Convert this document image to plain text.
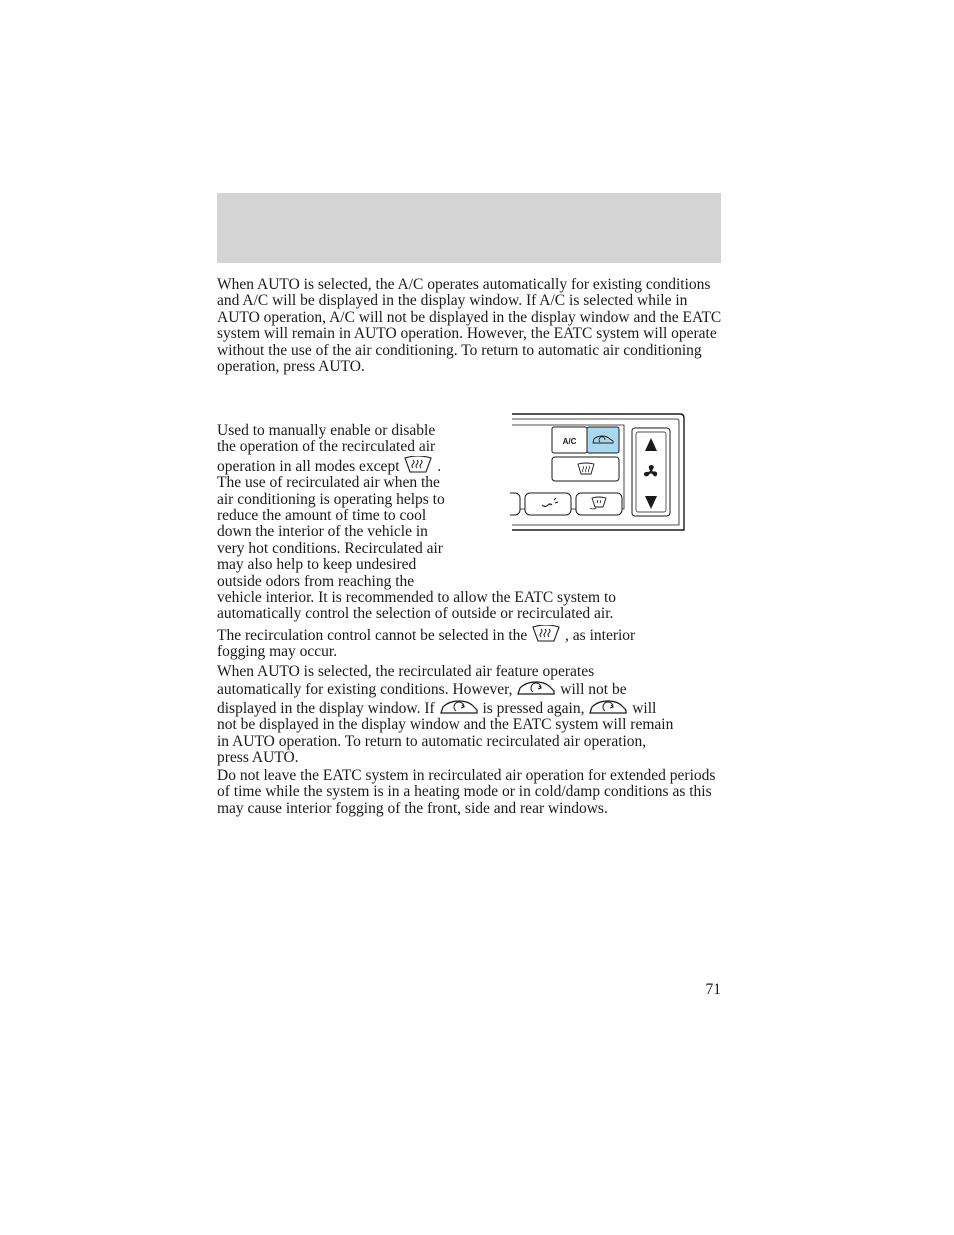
When AUTO is selected, the A/C operates automatically for existing conditions and A/C will be displayed in the display window. If A/C is selected while in AUTO operation, A/C will not be displayed in the display window and the EATC system will remain in AUTO operation. However, the EATC system will operate without the use of the air conditioning. To return to automatic air conditioning operation, press AUTO.

Used to manually enable or disable
the operation of the recirculated air
operation in all modes except .
The use of recirculated air when the
air conditioning is operating helps to
reduce the amount of time to cool
down the interior of the vehicle in
very hot conditions. Recirculated air
may also help to keep undesired
outside odors from reaching the
vehicle interior. It is recommended to allow the EATC system to
automatically control the selection of outside or recirculated air.
A/C
The recirculation control cannot be selected in the , as interior
fogging may occur.
When AUTO is selected, the recirculated air feature operates
automatically for existing conditions. However,	will not be
displayed in the display window. If	is pressed again,	will
not be displayed in the display window and the EATC system will remain
in AUTO operation. To return to automatic recirculated air operation,
press AUTO.

Do not leave the EATC system in recirculated air operation for extended periods of time while the system is in a heating mode or in cold/damp conditions as this may cause interior fogging of the front, side and rear windows.

71
